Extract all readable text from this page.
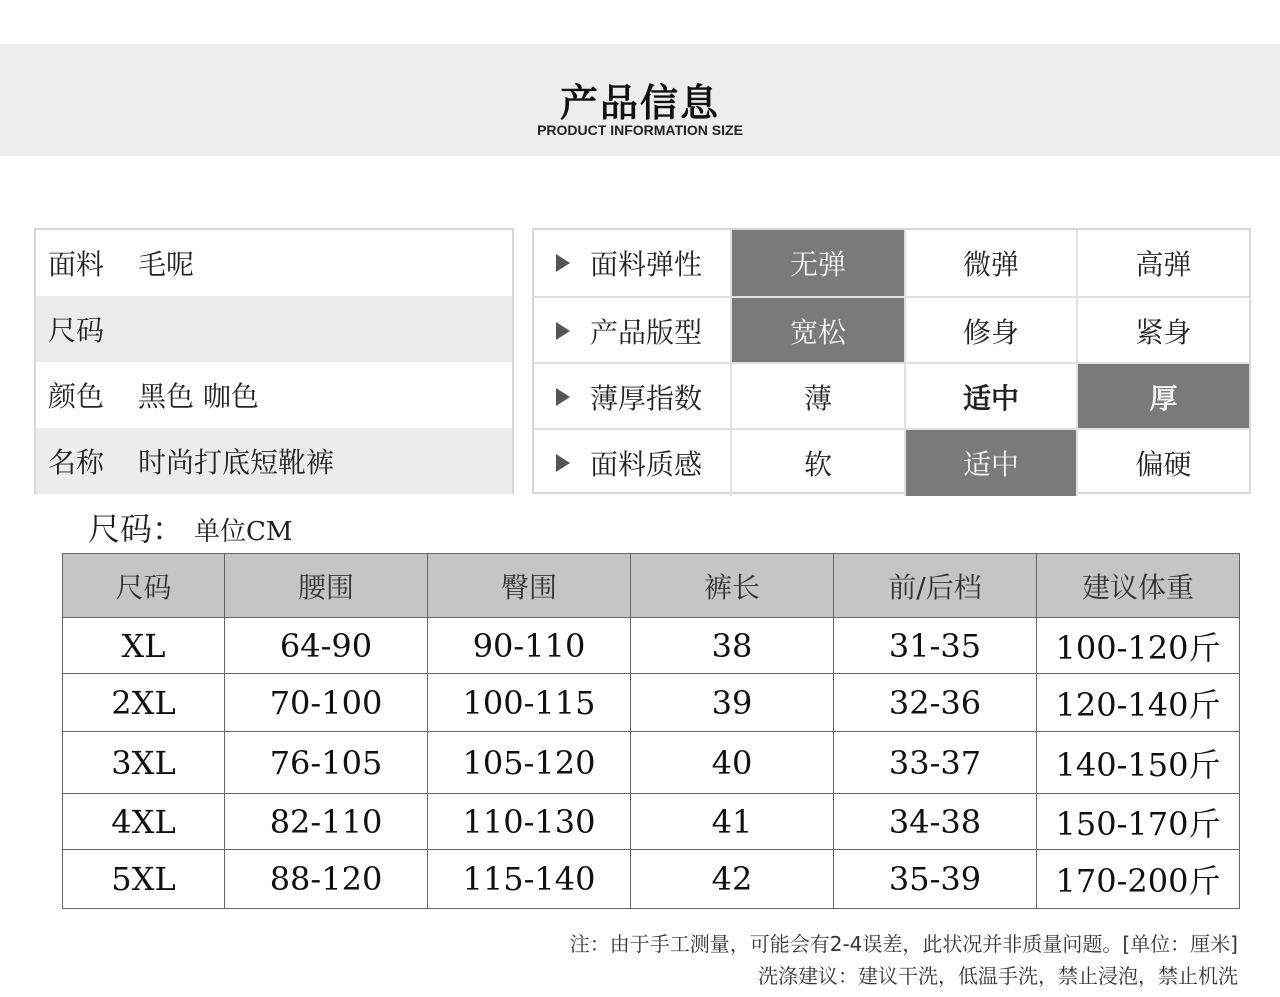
产品信息
PRODUCT INFORMATION SIZE
面料 毛呢
尺码
颜色 黑色 咖色
名称 时尚打底短靴裤
面料弹性	无弹	微弹	高弹
产品版型	宽松	修身	紧身
薄厚指数	薄	适中	厚
面料质感	软	适中	偏硬
尺码： 单位CM
尺码	腰围	臀围	裤长	前/后档	建议体重
XL	64-90	90-110	38	31-35	100-120斤
2XL	70-100	100-115	39	32-36	120-140斤
3XL	76-105	105-120	40	33-37	140-150斤
4XL	82-110	110-130	41	34-38	150-170斤
5XL	88-120	115-140	42	35-39	170-200斤
注：由于手工测量，可能会有2-4误差，此状况并非质量问题。[单位：厘米]
洗涤建议：建议干洗，低温手洗，禁止浸泡，禁止机洗
